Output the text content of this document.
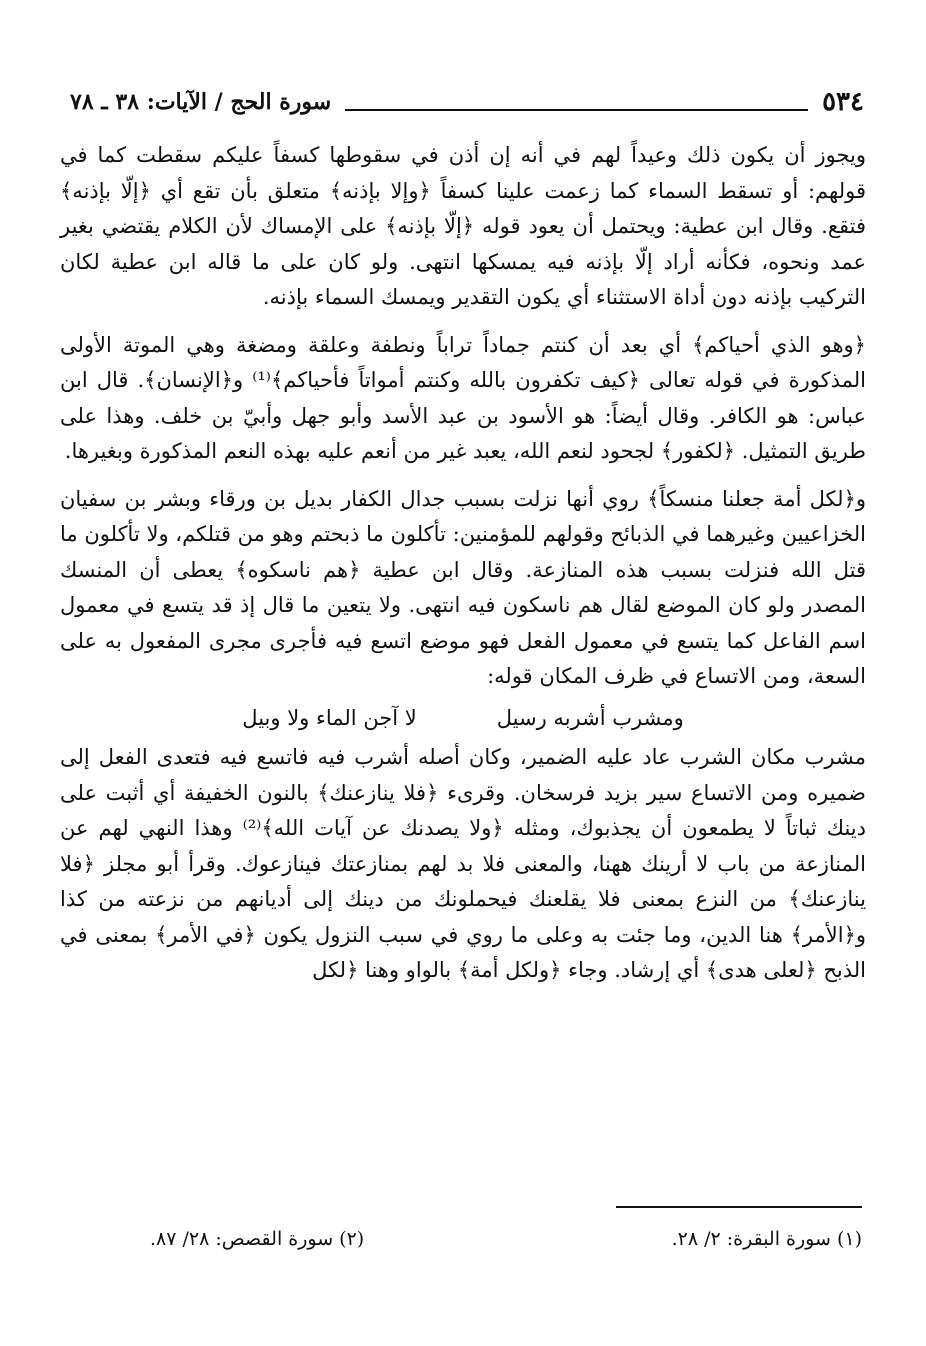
٥٣٤
سورة الحج / الآيات: ٣٨ ـ ٧٨

ويجوز أن يكون ذلك وعيداً لهم في أنه إن أذن في سقوطها كسفاً عليكم سقطت كما في قولهم: أو تسقط السماء كما زعمت علينا كسفاً ﴿وإلا بإذنه﴾ متعلق بأن تقع أي ﴿إلّا بإذنه﴾ فتقع. وقال ابن عطية: ويحتمل أن يعود قوله ﴿إلّا بإذنه﴾ على الإمساك لأن الكلام يقتضي بغير عمد ونحوه، فكأنه أراد إلّا بإذنه فيه يمسكها انتهى. ولو كان على ما قاله ابن عطية لكان التركيب بإذنه دون أداة الاستثناء أي يكون التقدير ويمسك السماء بإذنه.

﴿وهو الذي أحياكم﴾ أي بعد أن كنتم جماداً تراباً ونطفة وعلقة ومضغة وهي الموتة الأولى المذكورة في قوله تعالى ﴿كيف تكفرون بالله وكنتم أمواتاً فأحياكم﴾⁽¹⁾ و﴿الإنسان﴾. قال ابن عباس: هو الكافر. وقال أيضاً: هو الأسود بن عبد الأسد وأبو جهل وأبيّ بن خلف. وهذا على طريق التمثيل. ﴿لكفور﴾ لجحود لنعم الله، يعبد غير من أنعم عليه بهذه النعم المذكورة وبغيرها.

و﴿لكل أمة جعلنا منسكاً﴾ روي أنها نزلت بسبب جدال الكفار بديل بن ورقاء وبشر بن سفيان الخزاعيين وغيرهما في الذبائح وقولهم للمؤمنين: تأكلون ما ذبحتم وهو من قتلكم، ولا تأكلون ما قتل الله فنزلت بسبب هذه المنازعة. وقال ابن عطية ﴿هم ناسكوه﴾ يعطى أن المنسك المصدر ولو كان الموضع لقال هم ناسكون فيه انتهى. ولا يتعين ما قال إذ قد يتسع في معمول اسم الفاعل كما يتسع في معمول الفعل فهو موضع اتسع فيه فأجرى مجرى المفعول به على السعة، ومن الاتساع في ظرف المكان قوله:

ومشرب أشربه رسيل
لا آجن الماء ولا وبيل

مشرب مكان الشرب عاد عليه الضمير، وكان أصله أشرب فيه فاتسع فيه فتعدى الفعل إلى ضميره ومن الاتساع سير بزيد فرسخان. وقرىء ﴿فلا ينازعنك﴾ بالنون الخفيفة أي أثبت على دينك ثباتاً لا يطمعون أن يجذبوك، ومثله ﴿ولا يصدنك عن آيات الله﴾⁽²⁾ وهذا النهي لهم عن المنازعة من باب لا أرينك ههنا، والمعنى فلا بد لهم بمنازعتك فينازعوك. وقرأ أبو مجلز ﴿فلا ينازعنك﴾ من النزع بمعنى فلا يقلعنك فيحملونك من دينك إلى أديانهم من نزعته من كذا و﴿الأمر﴾ هنا الدين، وما جئت به وعلى ما روي في سبب النزول يكون ﴿في الأمر﴾ بمعنى في الذبح ﴿لعلى هدى﴾ أي إرشاد. وجاء ﴿ولكل أمة﴾ بالواو وهنا ﴿لكل

(١) سورة البقرة: ٢/ ٢٨.
(٢) سورة القصص: ٢٨/ ٨٧.
